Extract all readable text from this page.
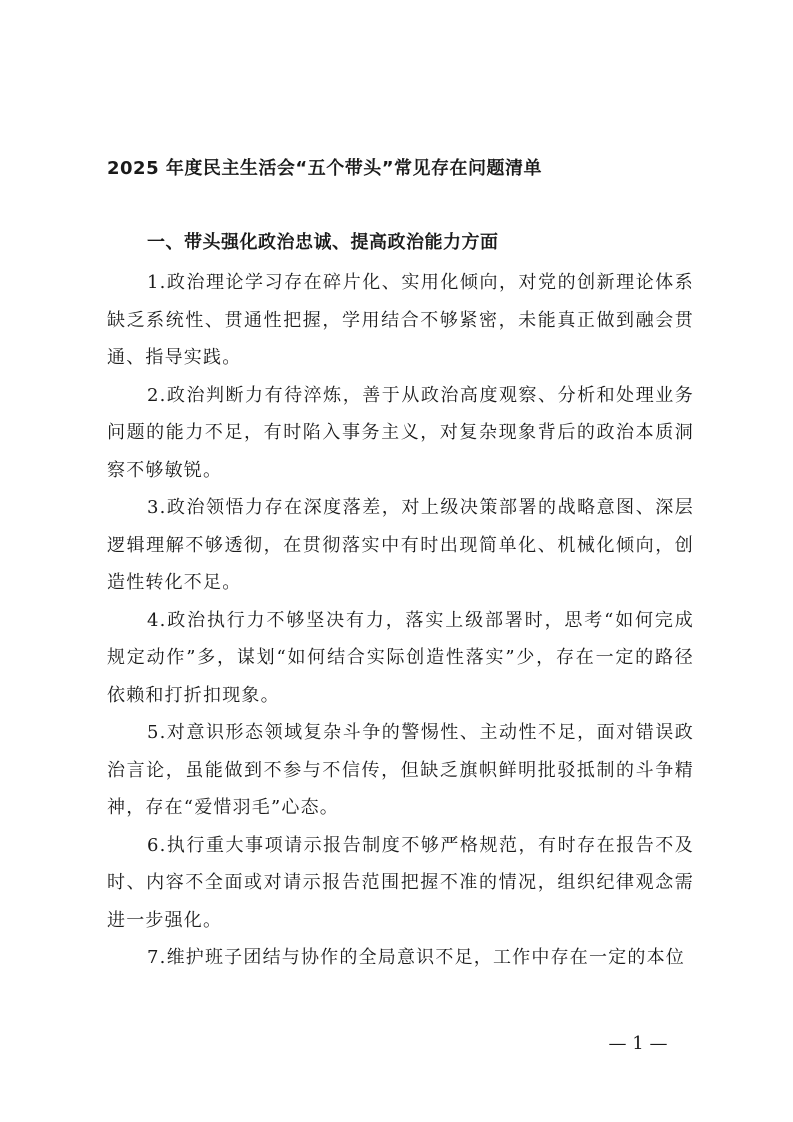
2025 年度民主生活会“五个带头”常见存在问题清单
一、带头强化政治忠诚、提高政治能力方面

1.政治理论学习存在碎片化、实用化倾向，对党的创新理论体系缺乏系统性、贯通性把握，学用结合不够紧密，未能真正做到融会贯通、指导实践。

2.政治判断力有待淬炼，善于从政治高度观察、分析和处理业务问题的能力不足，有时陷入事务主义，对复杂现象背后的政治本质洞察不够敏锐。

3.政治领悟力存在深度落差，对上级决策部署的战略意图、深层逻辑理解不够透彻，在贯彻落实中有时出现简单化、机械化倾向，创造性转化不足。

4.政治执行力不够坚决有力，落实上级部署时，思考“如何完成规定动作”多，谋划“如何结合实际创造性落实”少，存在一定的路径依赖和打折扣现象。

5.对意识形态领域复杂斗争的警惕性、主动性不足，面对错误政治言论，虽能做到不参与不信传，但缺乏旗帜鲜明批驳抵制的斗争精神，存在“爱惜羽毛”心态。

6.执行重大事项请示报告制度不够严格规范，有时存在报告不及时、内容不全面或对请示报告范围把握不准的情况，组织纪律观念需进一步强化。

7.维护班子团结与协作的全局意识不足，工作中存在一定的本位

— 1 —
